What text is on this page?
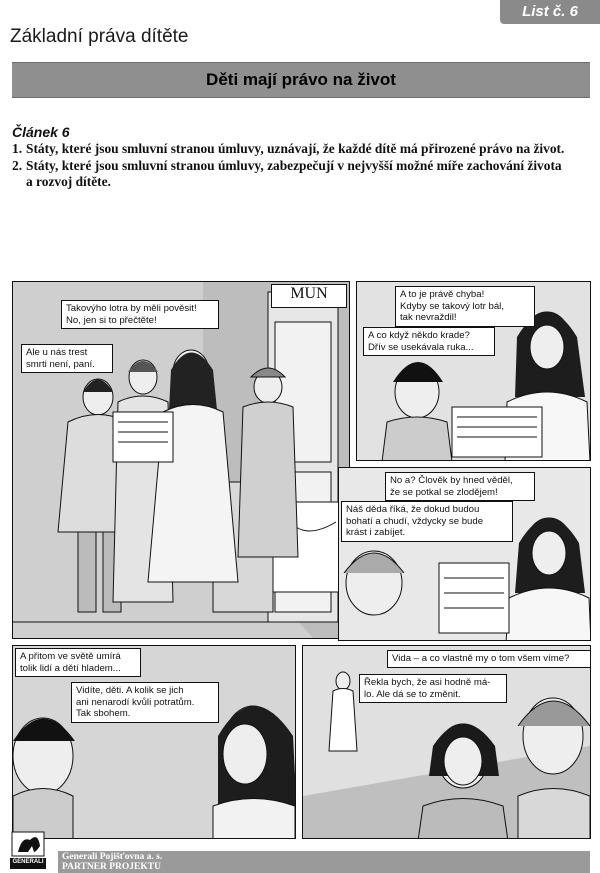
List č. 6
Základní práva dítěte
Děti mají právo na život
Článek 6
1. Státy, které jsou smluvní stranou úmluvy, uznávají, že každé dítě má přirozené právo na život.
2. Státy, které jsou smluvní stranou úmluvy, zabezpečují v nejvyšší možné míře zachování života
a rozvoj dítěte.
MUN
Takovýho lotra by měli pověsit!
No, jen si to přečtěte!
Ale u nás trest
smrti není, paní.
A to je právě chyba!
Kdyby se takový lotr bál,
tak nevraždil!
A co když někdo krade?
Dřív se usekávala ruka...
No a? Člověk by hned věděl,
že se potkal se zlodějem!
Náš děda říká, že dokud budou
bohatí a chudí, vždycky se bude
krást i zabíjet.
A přitom ve světě umírá
tolik lidí a dětí hladem...
Vidíte, děti. A kolik se jich
ani nenarodí kvůli potratům.
Tak sbohem.
Vida – a co vlastně my o tom všem víme?
Řekla bych, že asi hodně má-
lo. Ale dá se to změnit.
GENERALI Generali Pojišťovna a. s.
PARTNER PROJEKTU
